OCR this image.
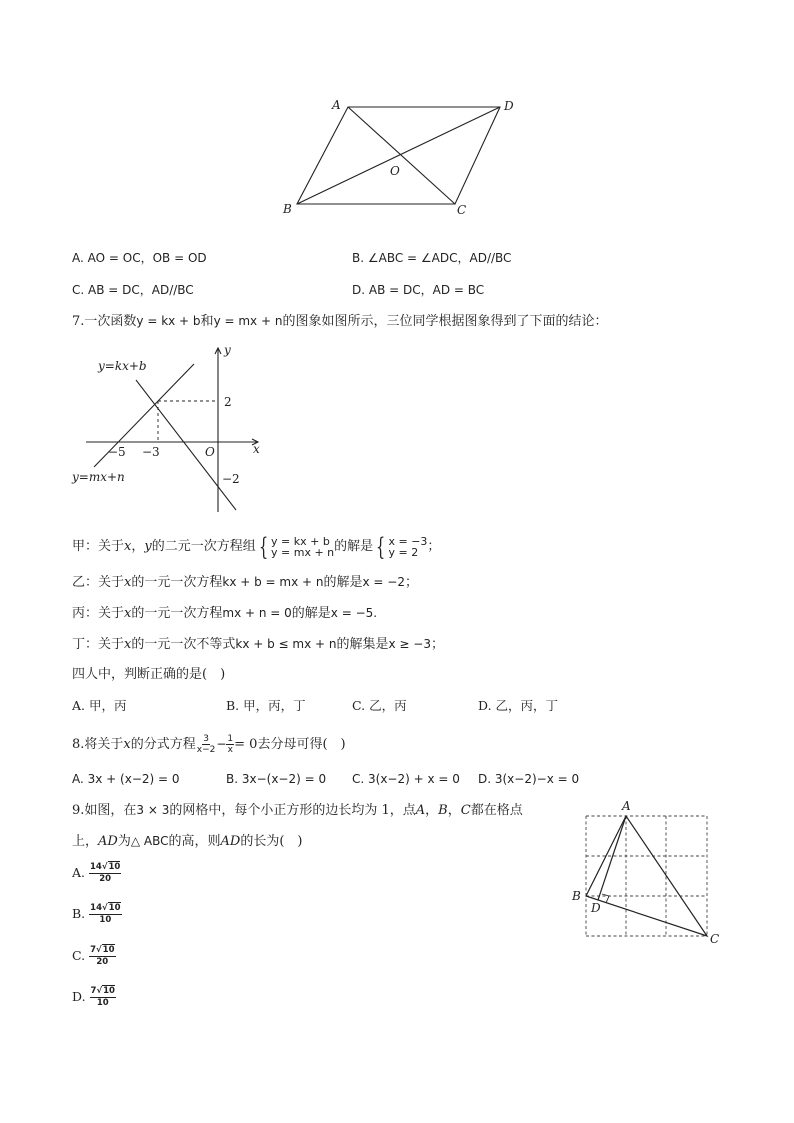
A	D
B	C
O
A. AO = OC，OB = OD	B. ∠ABC = ∠ADC，AD//BC
C. AB = DC，AD//BC	D. AB = DC，AD = BC
7.一次函数y = kx + b和y = mx + n的图象如图所示，三位同学根据图象得到了下面的结论：
y=kx+b
y=mx+n
y
x
O
2
−2
−5 −3
甲：关于x，y的二元一次方程组 { y = kx + b
y = mx + n的解是 { x = −3
y = 2 ；
乙：关于x的一元一次方程kx + b = mx + n的解是x = −2；
丙：关于x的一元一次方程mx + n = 0的解是x = −5.
丁：关于x的一元一次不等式kx + b ≤ mx + n的解集是x ≥ −3；
四人中，判断正确的是(　)
A. 甲，丙	B. 甲，丙，丁	C. 乙，丙	D. 乙，丙，丁
8.将关于x的分式方程 $\frac{3}{x-2} - \frac{1}{x} = 0$去分母可得(　)
A. 3x + (x−2) = 0	B. 3x−(x−2) = 0 C. 3(x−2) + x = 0 D. 3(x−2)−x = 0
9.如图，在3 × 3的网格中，每个小正方形的边长均为 1，点A，B，C都在格点
上，AD为△ ABC的高，则AD的长为(　)
A. $\frac{14√10}{20}$
B. $\frac{14√10}{10}$
C. $\frac{7√10}{20}$
D. $\frac{7√10}{10}$
A
B
C
D
